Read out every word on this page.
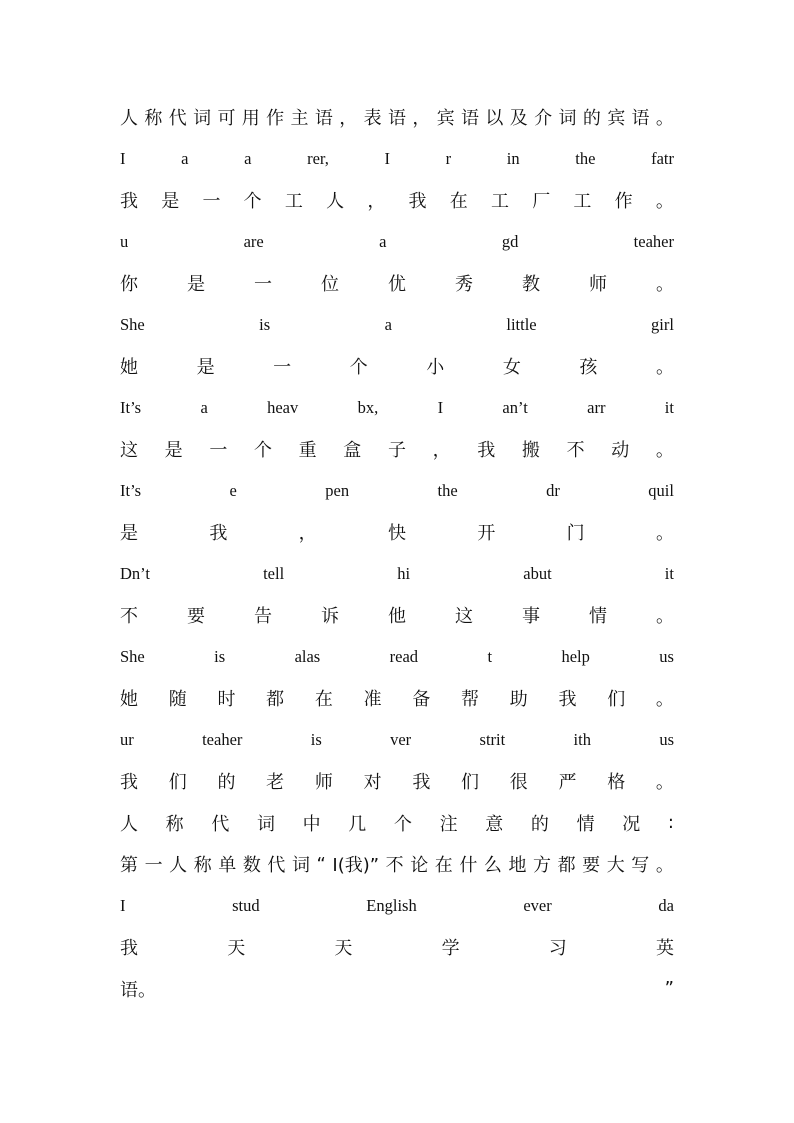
人 称 代 词 可 用 作 主 语 ， 表 语 ， 宾 语 以 及 介 词 的 宾 语 。
I	a	a	rer,	I	r	in	the	fatr
我 是 一 个 工 人 ， 我 在 工 厂 工 作 。
u	are	a	gd	teaher
你	是	一	位	优	秀	教	师	。
She	is	a	little	girl
她	是	一	个	小	女	孩	。
It’s	a	heav	bx,	I	an’t	arr	it
这 是 一 个 重 盒 子 ， 我 搬 不 动 。
It’s	e	pen	the	dr	quil
是	我	，	快	开	门	。
Dn’t	tell	hi	abut	it
不	要	告	诉	他	这	事	情	。
She	is	alas	read	t	help	us
她 随 时 都 在 准 备 帮 助 我 们 。
ur	teaher	is	ver	strit	ith	us
我 们 的 老 师 对 我 们 很 严 格 。
人 称 代 词 中 几 个 注 意 的 情 况 :
第 一 人 称 单 数 代 词 “ I(我)” 不 论 在 什 么 地 方 都 要 大 写 。
I	stud	English	ever	da
我	天	天	学	习	英
语。	”
